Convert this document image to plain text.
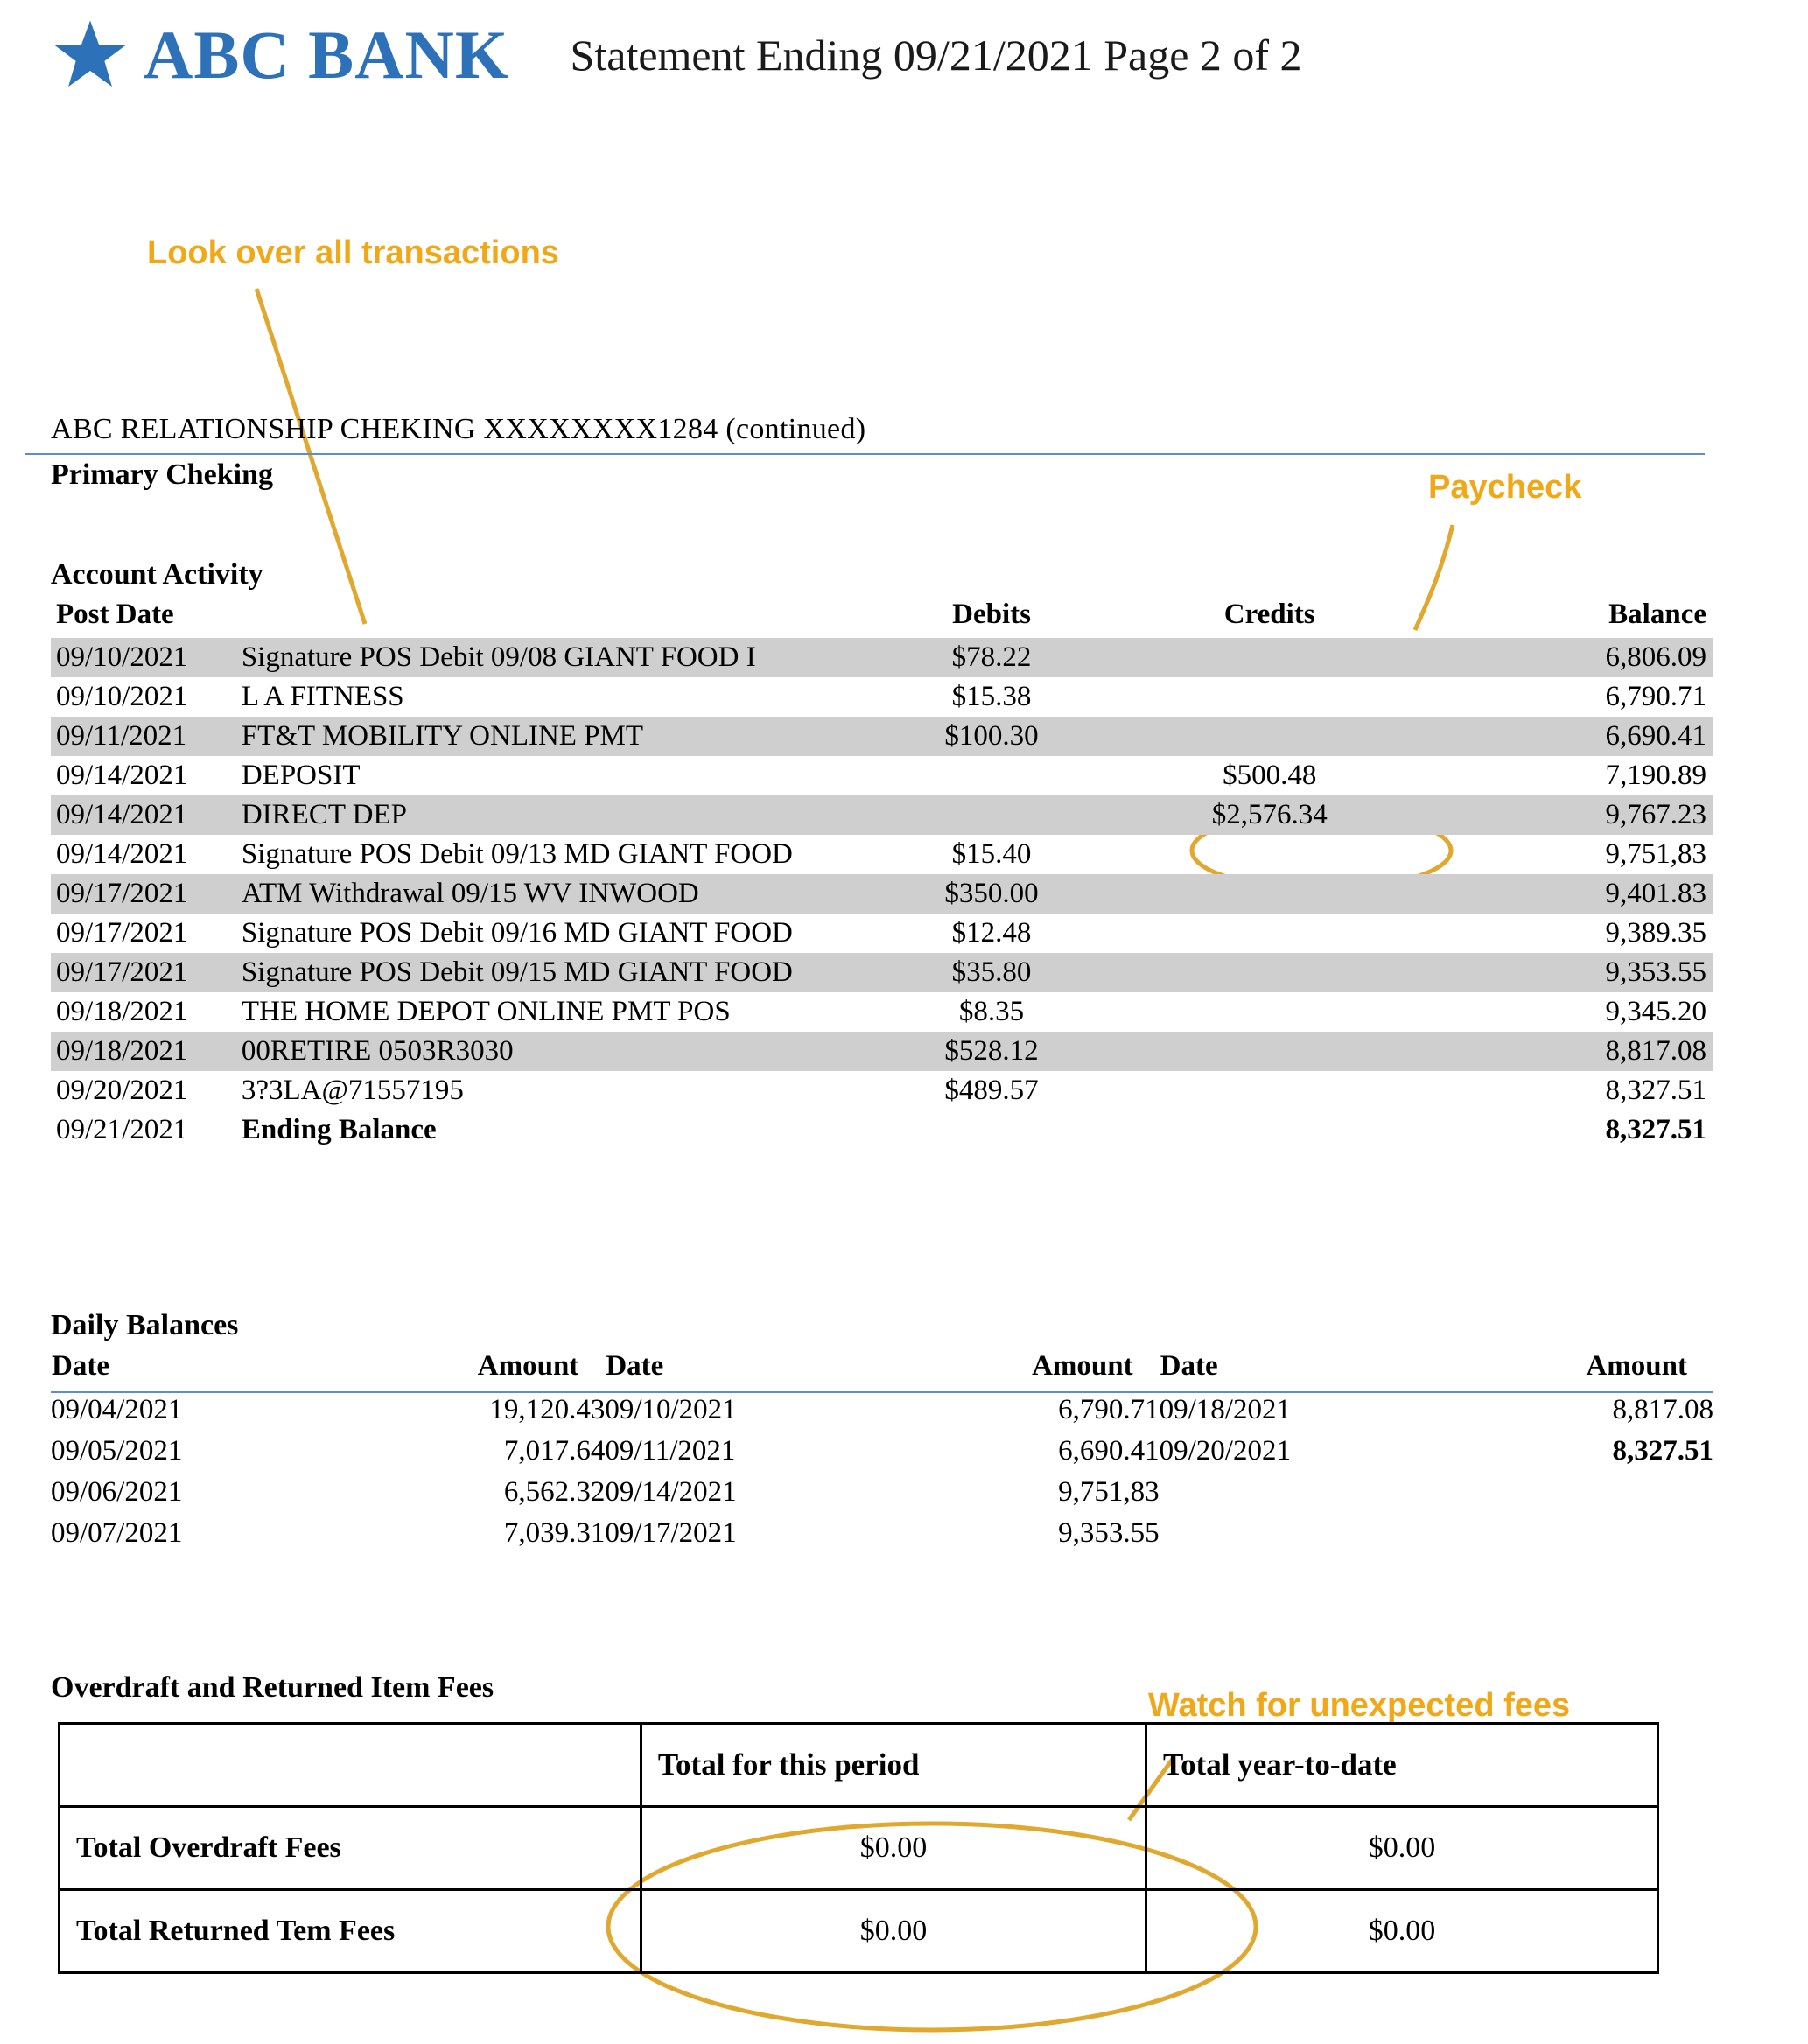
ABC BANK Statement Ending 09/21/2021 Page 2 of 2
Look over all transactions
Paycheck
Watch for unexpected fees
ABC RELATIONSHIP CHEKING XXXXXXXX1284 (continued)
Primary Cheking
Account Activity
Post Date		Debits	Credits	Balance
09/10/2021	Signature POS Debit 09/08 GIANT FOOD I	$78.22		6,806.09
09/10/2021	L A FITNESS	$15.38		6,790.71
09/11/2021	FT&T MOBILITY ONLINE PMT	$100.30		6,690.41
09/14/2021	DEPOSIT		$500.48	7,190.89
09/14/2021	DIRECT DEP		$2,576.34	9,767.23
09/14/2021	Signature POS Debit 09/13 MD GIANT FOOD	$15.40		9,751,83
09/17/2021	ATM Withdrawal 09/15 WV INWOOD	$350.00		9,401.83
09/17/2021	Signature POS Debit 09/16 MD GIANT FOOD	$12.48		9,389.35
09/17/2021	Signature POS Debit 09/15 MD GIANT FOOD	$35.80		9,353.55
09/18/2021	THE HOME DEPOT ONLINE PMT POS	$8.35		9,345.20
09/18/2021	00RETIRE 0503R3030	$528.12		8,817.08
09/20/2021	3?3LA@71557195	$489.57		8,327.51
09/21/2021	Ending Balance			8,327.51
Daily Balances
Date	Amount	Date	Amount	Date	Amount
09/04/2021	19,120.43	09/10/2021	6,790.71	09/18/2021	8,817.08
09/05/2021	7,017.64	09/11/2021	6,690.41	09/20/2021	8,327.51
09/06/2021	6,562.32	09/14/2021	9,751,83		
09/07/2021	7,039.31	09/17/2021	9,353.55		
Overdraft and Returned Item Fees
	Total for this period	Total year-to-date
Total Overdraft Fees	$0.00	$0.00
Total Returned Tem Fees	$0.00	$0.00
